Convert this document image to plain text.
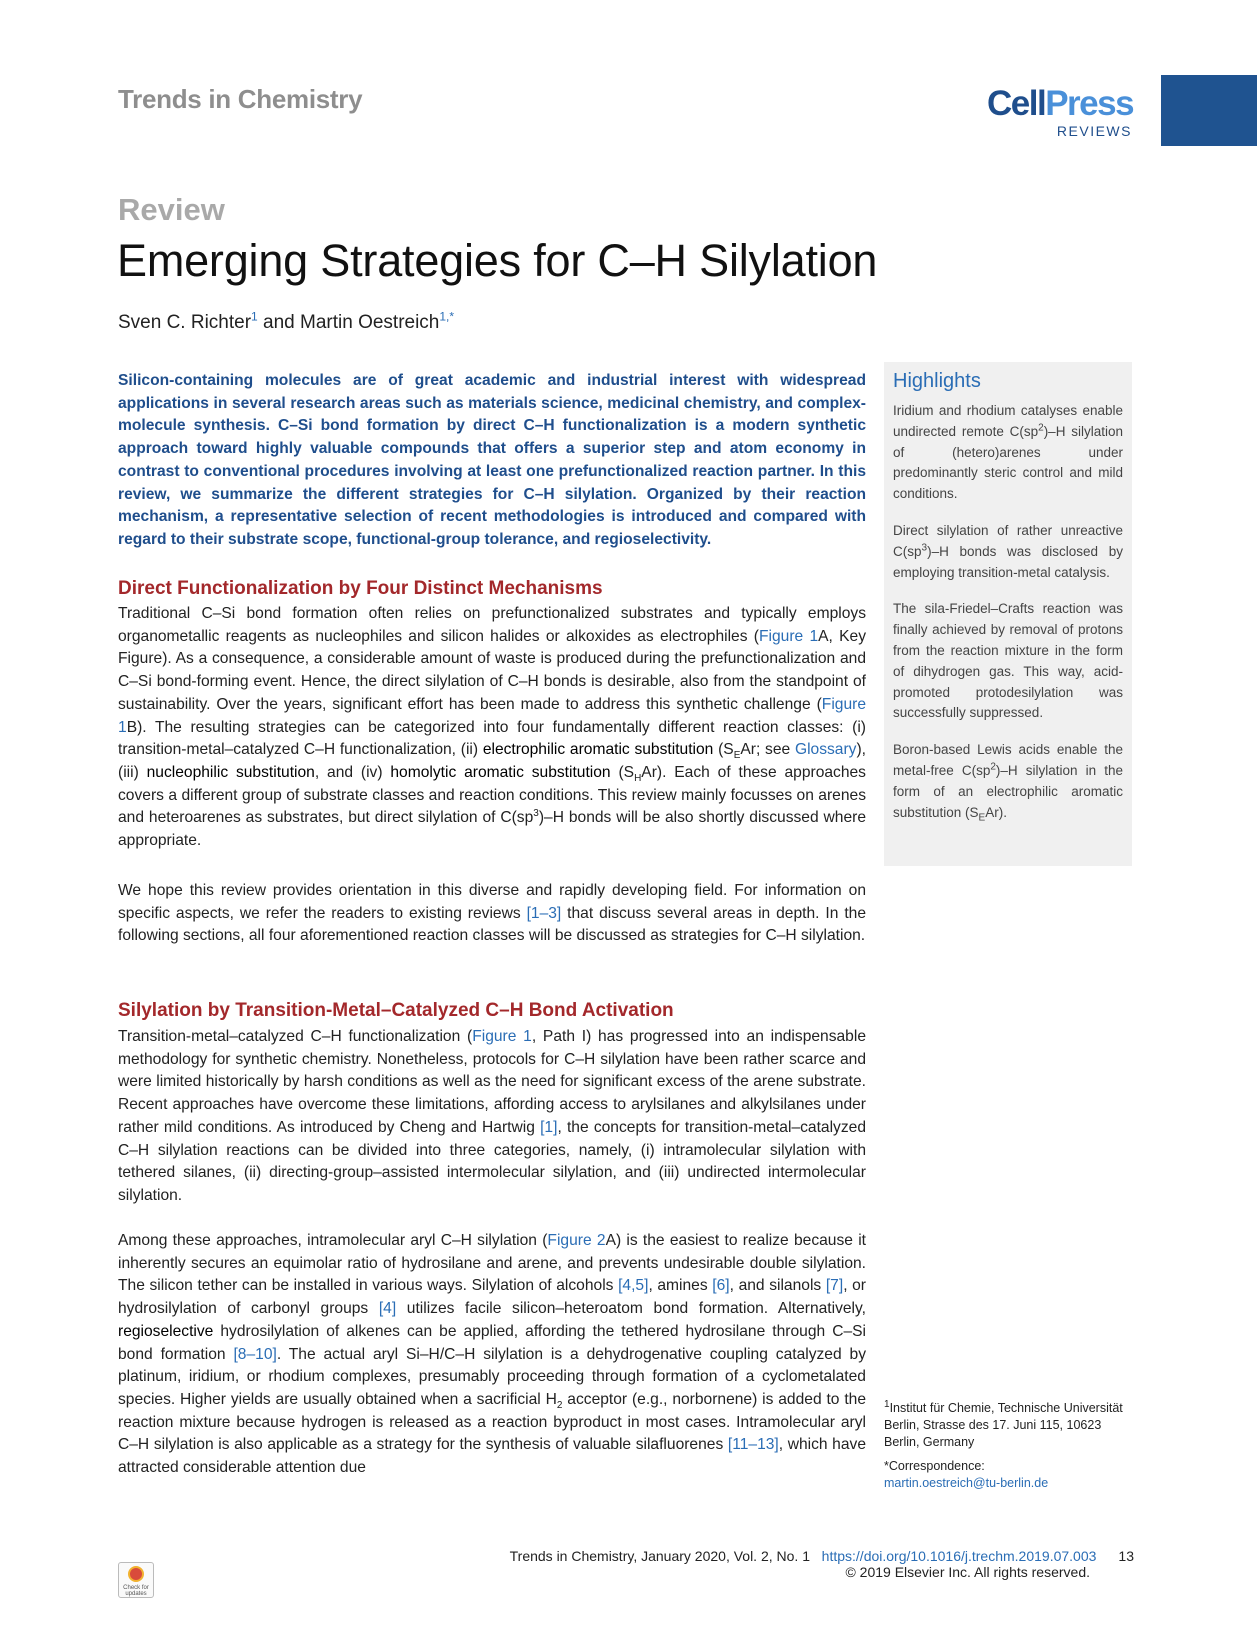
Trends in Chemistry	CellPress
REVIEWS
Review
Emerging Strategies for C–H Silylation
Sven C. Richter$^1$ and Martin Oestreich$^{1,*}$

Silicon-containing molecules are of great academic and industrial interest with widespread applications in several research areas such as materials science, medicinal chemistry, and complex-molecule synthesis. C–Si bond formation by direct C–H functionalization is a modern synthetic approach toward highly valuable compounds that offers a superior step and atom economy in contrast to conventional procedures involving at least one prefunctionalized reaction partner. In this review, we summarize the different strategies for C–H silylation. Organized by their reaction mechanism, a representative selection of recent methodologies is introduced and compared with regard to their substrate scope, functional-group tolerance, and regioselectivity.

Direct Functionalization by Four Distinct Mechanisms

Traditional C–Si bond formation often relies on prefunctionalized substrates and typically employs organometallic reagents as nucleophiles and silicon halides or alkoxides as electrophiles (Figure 1A, Key Figure). As a consequence, a considerable amount of waste is produced during the prefunctionalization and C–Si bond-forming event. Hence, the direct silylation of C–H bonds is desirable, also from the standpoint of sustainability. Over the years, significant effort has been made to address this synthetic challenge (Figure 1B). The resulting strategies can be categorized into four fundamentally different reaction classes: (i) transition-metal–catalyzed C–H functionalization, (ii) electrophilic aromatic substitution ($S_EAr$; see Glossary), (iii) nucleophilic substitution, and (iv) homolytic aromatic substitution $(S_HAr)$. Each of these approaches covers a different group of substrate classes and reaction conditions. This review mainly focusses on arenes and heteroarenes as substrates, but direct silylation of $C(sp^3)-H$ bonds will be also shortly discussed where appropriate.

We hope this review provides orientation in this diverse and rapidly developing field. For information on specific aspects, we refer the readers to existing reviews [1–3] that discuss several areas in depth. In the following sections, all four aforementioned reaction classes will be discussed as strategies for C–H silylation.

Silylation by Transition-Metal–Catalyzed C–H Bond Activation

Transition-metal–catalyzed C–H functionalization (Figure 1, Path I) has progressed into an indispensable methodology for synthetic chemistry. Nonetheless, protocols for C–H silylation have been rather scarce and were limited historically by harsh conditions as well as the need for significant excess of the arene substrate. Recent approaches have overcome these limitations, affording access to arylsilanes and alkylsilanes under rather mild conditions. As introduced by Cheng and Hartwig [1], the concepts for transition-metal–catalyzed C–H silylation reactions can be divided into three categories, namely, (i) intramolecular silylation with tethered silanes, (ii) directing-group–assisted intermolecular silylation, and (iii) undirected intermolecular silylation.

Among these approaches, intramolecular aryl C–H silylation (Figure 2A) is the easiest to realize because it inherently secures an equimolar ratio of hydrosilane and arene, and prevents undesirable double silylation. The silicon tether can be installed in various ways. Silylation of alcohols [4,5], amines [6], and silanols [7], or hydrosilylation of carbonyl groups [4] utilizes facile silicon–heteroatom bond formation. Alternatively, regioselective hydrosilylation of alkenes can be applied, affording the tethered hydrosilane through C–Si bond formation [8–10]. The actual aryl Si–H/C–H silylation is a dehydrogenative coupling catalyzed by platinum, iridium, or rhodium complexes, presumably proceeding through formation of a cyclometalated species. Higher yields are usually obtained when a sacrificial $H_2$ acceptor (e.g., norbornene) is added to the reaction mixture because hydrogen is released as a reaction byproduct in most cases. Intramolecular aryl C–H silylation is also applicable as a strategy for the synthesis of valuable silafluorenes [11–13], which have attracted considerable attention due

Highlights

Iridium and rhodium catalyses enable undirected remote $C(sp^2)-H$ silylation of (hetero)arenes under predominantly steric control and mild conditions.

Direct silylation of rather unreactive $C(sp^3)-H$ bonds was disclosed by employing transition-metal catalysis.

The sila-Friedel–Crafts reaction was finally achieved by removal of protons from the reaction mixture in the form of dihydrogen gas. This way, acid-promoted protodesilylation was successfully suppressed.

Boron-based Lewis acids enable the metal-free $C(sp^2)-H$ silylation in the form of an electrophilic aromatic substitution $(S_EAr)$.

$^1$Institut für Chemie, Technische Universität Berlin, Strasse des 17. Juni 115, 10623 Berlin, Germany
*Correspondence:
martin.oestreich@tu-berlin.de
Trends in Chemistry, January 2020, Vol. 2, No. 1 https://doi.org/10.1016/j.trechm.2019.07.003 13
© 2019 Elsevier Inc. All rights reserved.
Check for updates
